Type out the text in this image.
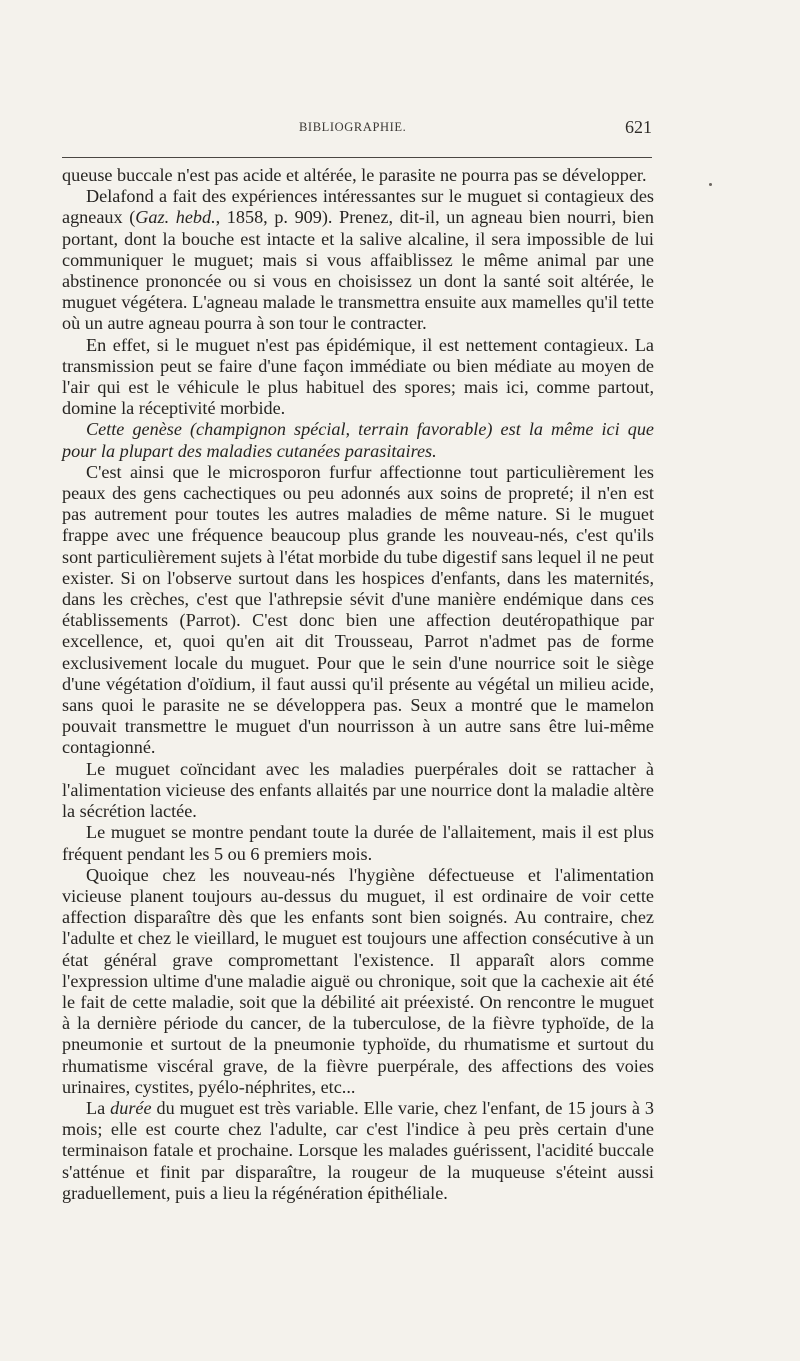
BIBLIOGRAPHIE.	621

queuse buccale n'est pas acide et altérée, le parasite ne pourra pas se développer.

Delafond a fait des expériences intéressantes sur le muguet si contagieux des agneaux (Gaz. hebd., 1858, p. 909). Prenez, dit-il, un agneau bien nourri, bien portant, dont la bouche est intacte et la salive alcaline, il sera impossible de lui communiquer le muguet; mais si vous affaiblissez le même animal par une abstinence prononcée ou si vous en choisissez un dont la santé soit altérée, le muguet végétera. L'agneau malade le transmettra ensuite aux mamelles qu'il tette où un autre agneau pourra à son tour le contracter.

En effet, si le muguet n'est pas épidémique, il est nettement contagieux. La transmission peut se faire d'une façon immédiate ou bien médiate au moyen de l'air qui est le véhicule le plus habituel des spores; mais ici, comme partout, domine la réceptivité morbide.

Cette genèse (champignon spécial, terrain favorable) est la même ici que pour la plupart des maladies cutanées parasitaires.

C'est ainsi que le microsporon furfur affectionne tout particulièrement les peaux des gens cachectiques ou peu adonnés aux soins de propreté; il n'en est pas autrement pour toutes les autres maladies de même nature. Si le muguet frappe avec une fréquence beaucoup plus grande les nouveau-nés, c'est qu'ils sont particulièrement sujets à l'état morbide du tube digestif sans lequel il ne peut exister. Si on l'observe surtout dans les hospices d'enfants, dans les maternités, dans les crèches, c'est que l'athrepsie sévit d'une manière endémique dans ces établissements (Parrot). C'est donc bien une affection deutéropathique par excellence, et, quoi qu'en ait dit Trousseau, Parrot n'admet pas de forme exclusivement locale du muguet. Pour que le sein d'une nourrice soit le siège d'une végétation d'oïdium, il faut aussi qu'il présente au végétal un milieu acide, sans quoi le parasite ne se développera pas. Seux a montré que le mamelon pouvait transmettre le muguet d'un nourrisson à un autre sans être lui-même contagionné.

Le muguet coïncidant avec les maladies puerpérales doit se rattacher à l'alimentation vicieuse des enfants allaités par une nourrice dont la maladie altère la sécrétion lactée.

Le muguet se montre pendant toute la durée de l'allaitement, mais il est plus fréquent pendant les 5 ou 6 premiers mois.

Quoique chez les nouveau-nés l'hygiène défectueuse et l'alimentation vicieuse planent toujours au-dessus du muguet, il est ordinaire de voir cette affection disparaître dès que les enfants sont bien soignés. Au contraire, chez l'adulte et chez le vieillard, le muguet est toujours une affection consécutive à un état général grave compromettant l'existence. Il apparaît alors comme l'expression ultime d'une maladie aiguë ou chronique, soit que la cachexie ait été le fait de cette maladie, soit que la débilité ait préexisté. On rencontre le muguet à la dernière période du cancer, de la tuberculose, de la fièvre typhoïde, de la pneumonie et surtout de la pneumonie typhoïde, du rhumatisme et surtout du rhumatisme viscéral grave, de la fièvre puerpérale, des affections des voies urinaires, cystites, pyélo-néphrites, etc...

La durée du muguet est très variable. Elle varie, chez l'enfant, de 15 jours à 3 mois; elle est courte chez l'adulte, car c'est l'indice à peu près certain d'une terminaison fatale et prochaine. Lorsque les malades guérissent, l'acidité buccale s'atténue et finit par disparaître, la rougeur de la muqueuse s'éteint aussi graduellement, puis a lieu la régénération épithéliale.
